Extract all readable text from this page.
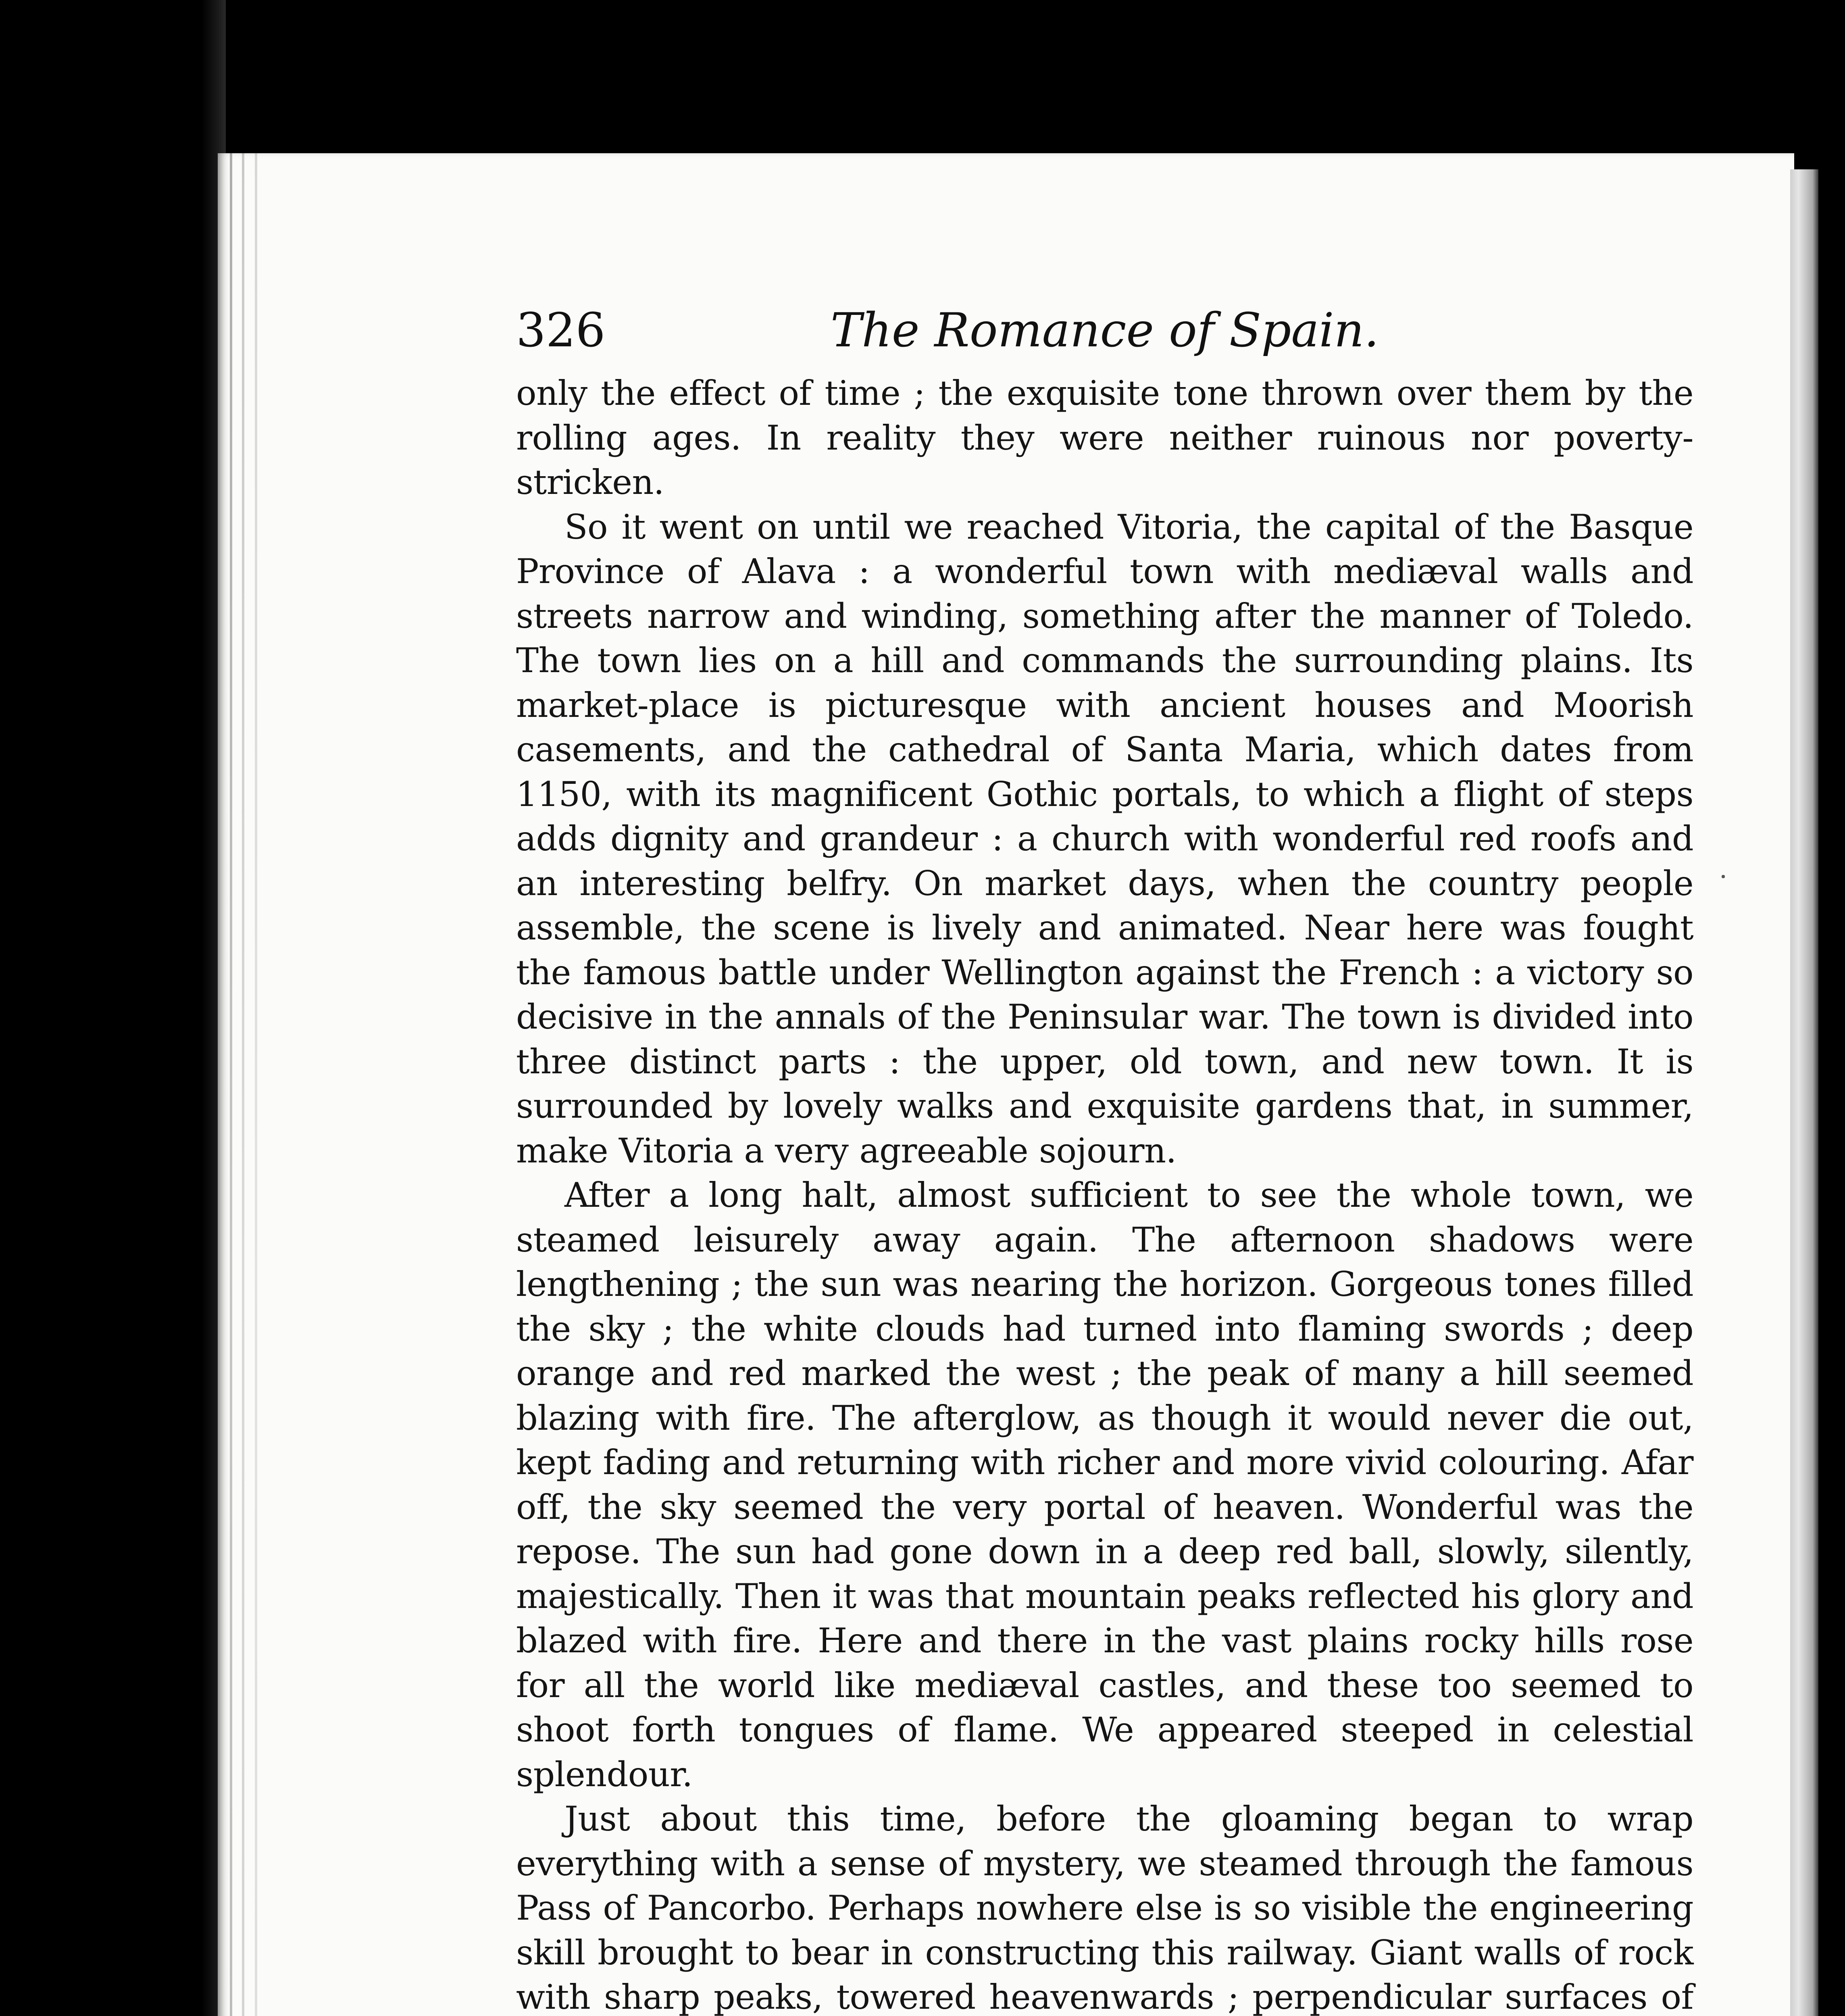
326	The Romance of Spain.

only the effect of time ; the exquisite tone thrown over them by the rolling ages. In reality they were neither ruinous nor poverty-stricken.

So it went on until we reached Vitoria, the capital of the Basque Province of Alava : a wonderful town with mediæval walls and streets narrow and winding, something after the manner of Toledo. The town lies on a hill and commands the surrounding plains. Its market-place is picturesque with ancient houses and Moorish casements, and the cathedral of Santa Maria, which dates from 1150, with its magnificent Gothic portals, to which a flight of steps adds dignity and grandeur : a church with wonderful red roofs and an interesting belfry. On market days, when the country people assemble, the scene is lively and animated. Near here was fought the famous battle under Wellington against the French : a victory so decisive in the annals of the Peninsular war. The town is divided into three distinct parts : the upper, old town, and new town. It is surrounded by lovely walks and exquisite gardens that, in summer, make Vitoria a very agreeable sojourn.

After a long halt, almost sufficient to see the whole town, we steamed leisurely away again. The afternoon shadows were lengthening ; the sun was nearing the horizon. Gorgeous tones filled the sky ; the white clouds had turned into flaming swords ; deep orange and red marked the west ; the peak of many a hill seemed blazing with fire. The afterglow, as though it would never die out, kept fading and returning with richer and more vivid colouring. Afar off, the sky seemed the very portal of heaven. Wonderful was the repose. The sun had gone down in a deep red ball, slowly, silently, majestically. Then it was that mountain peaks reflected his glory and blazed with fire. Here and there in the vast plains rocky hills rose for all the world like mediæval castles, and these too seemed to shoot forth tongues of flame. We appeared steeped in celestial splendour.

Just about this time, before the gloaming began to wrap everything with a sense of mystery, we steamed through the famous Pass of Pancorbo. Perhaps nowhere else is so visible the engineering skill brought to bear in constructing this railway. Giant walls of rock with sharp peaks, towered heavenwards ; perpendicular surfaces of
